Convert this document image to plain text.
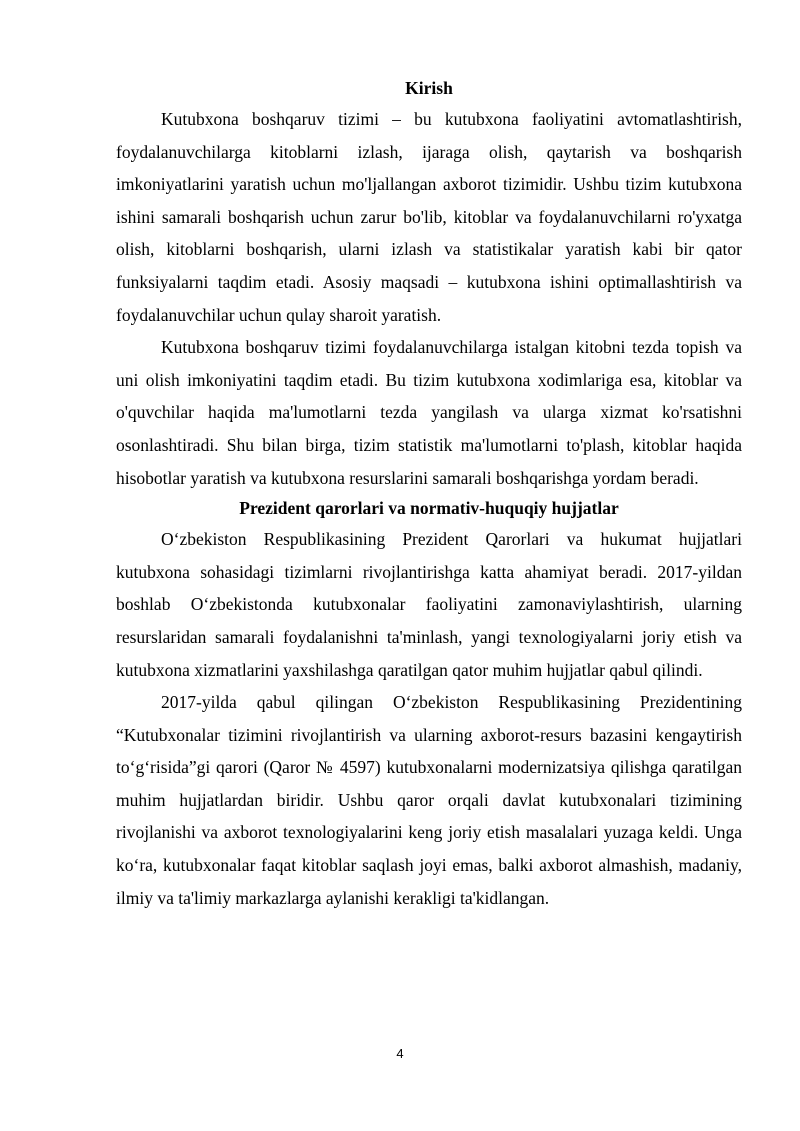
Kirish

Kutubxona boshqaruv tizimi – bu kutubxona faoliyatini avtomatlashtirish, foydalanuvchilarga kitoblarni izlash, ijaraga olish, qaytarish va boshqarish imkoniyatlarini yaratish uchun mo'ljallangan axborot tizimidir. Ushbu tizim kutubxona ishini samarali boshqarish uchun zarur bo'lib, kitoblar va foydalanuvchilarni ro'yxatga olish, kitoblarni boshqarish, ularni izlash va statistikalar yaratish kabi bir qator funksiyalarni taqdim etadi. Asosiy maqsadi – kutubxona ishini optimallashtirish va foydalanuvchilar uchun qulay sharoit yaratish.

Kutubxona boshqaruv tizimi foydalanuvchilarga istalgan kitobni tezda topish va uni olish imkoniyatini taqdim etadi. Bu tizim kutubxona xodimlariga esa, kitoblar va o'quvchilar haqida ma'lumotlarni tezda yangilash va ularga xizmat ko'rsatishni osonlashtiradi. Shu bilan birga, tizim statistik ma'lumotlarni to'plash, kitoblar haqida hisobotlar yaratish va kutubxona resurslarini samarali boshqarishga yordam beradi.

Prezident qarorlari va normativ-huquqiy hujjatlar

O‘zbekiston Respublikasining Prezident Qarorlari va hukumat hujjatlari kutubxona sohasidagi tizimlarni rivojlantirishga katta ahamiyat beradi. 2017-yildan boshlab O‘zbekistonda kutubxonalar faoliyatini zamonaviylashtirish, ularning resurslaridan samarali foydalanishni ta'minlash, yangi texnologiyalarni joriy etish va kutubxona xizmatlarini yaxshilashga qaratilgan qator muhim hujjatlar qabul qilindi.

2017-yilda qabul qilingan O‘zbekiston Respublikasining Prezidentining “Kutubxonalar tizimini rivojlantirish va ularning axborot-resurs bazasini kengaytirish to‘g‘risida”gi qarori (Qaror № 4597) kutubxonalarni modernizatsiya qilishga qaratilgan muhim hujjatlardan biridir. Ushbu qaror orqali davlat kutubxonalari tizimining rivojlanishi va axborot texnologiyalarini keng joriy etish masalalari yuzaga keldi. Unga ko‘ra, kutubxonalar faqat kitoblar saqlash joyi emas, balki axborot almashish, madaniy, ilmiy va ta'limiy markazlarga aylanishi kerakligi ta'kidlangan.

4
